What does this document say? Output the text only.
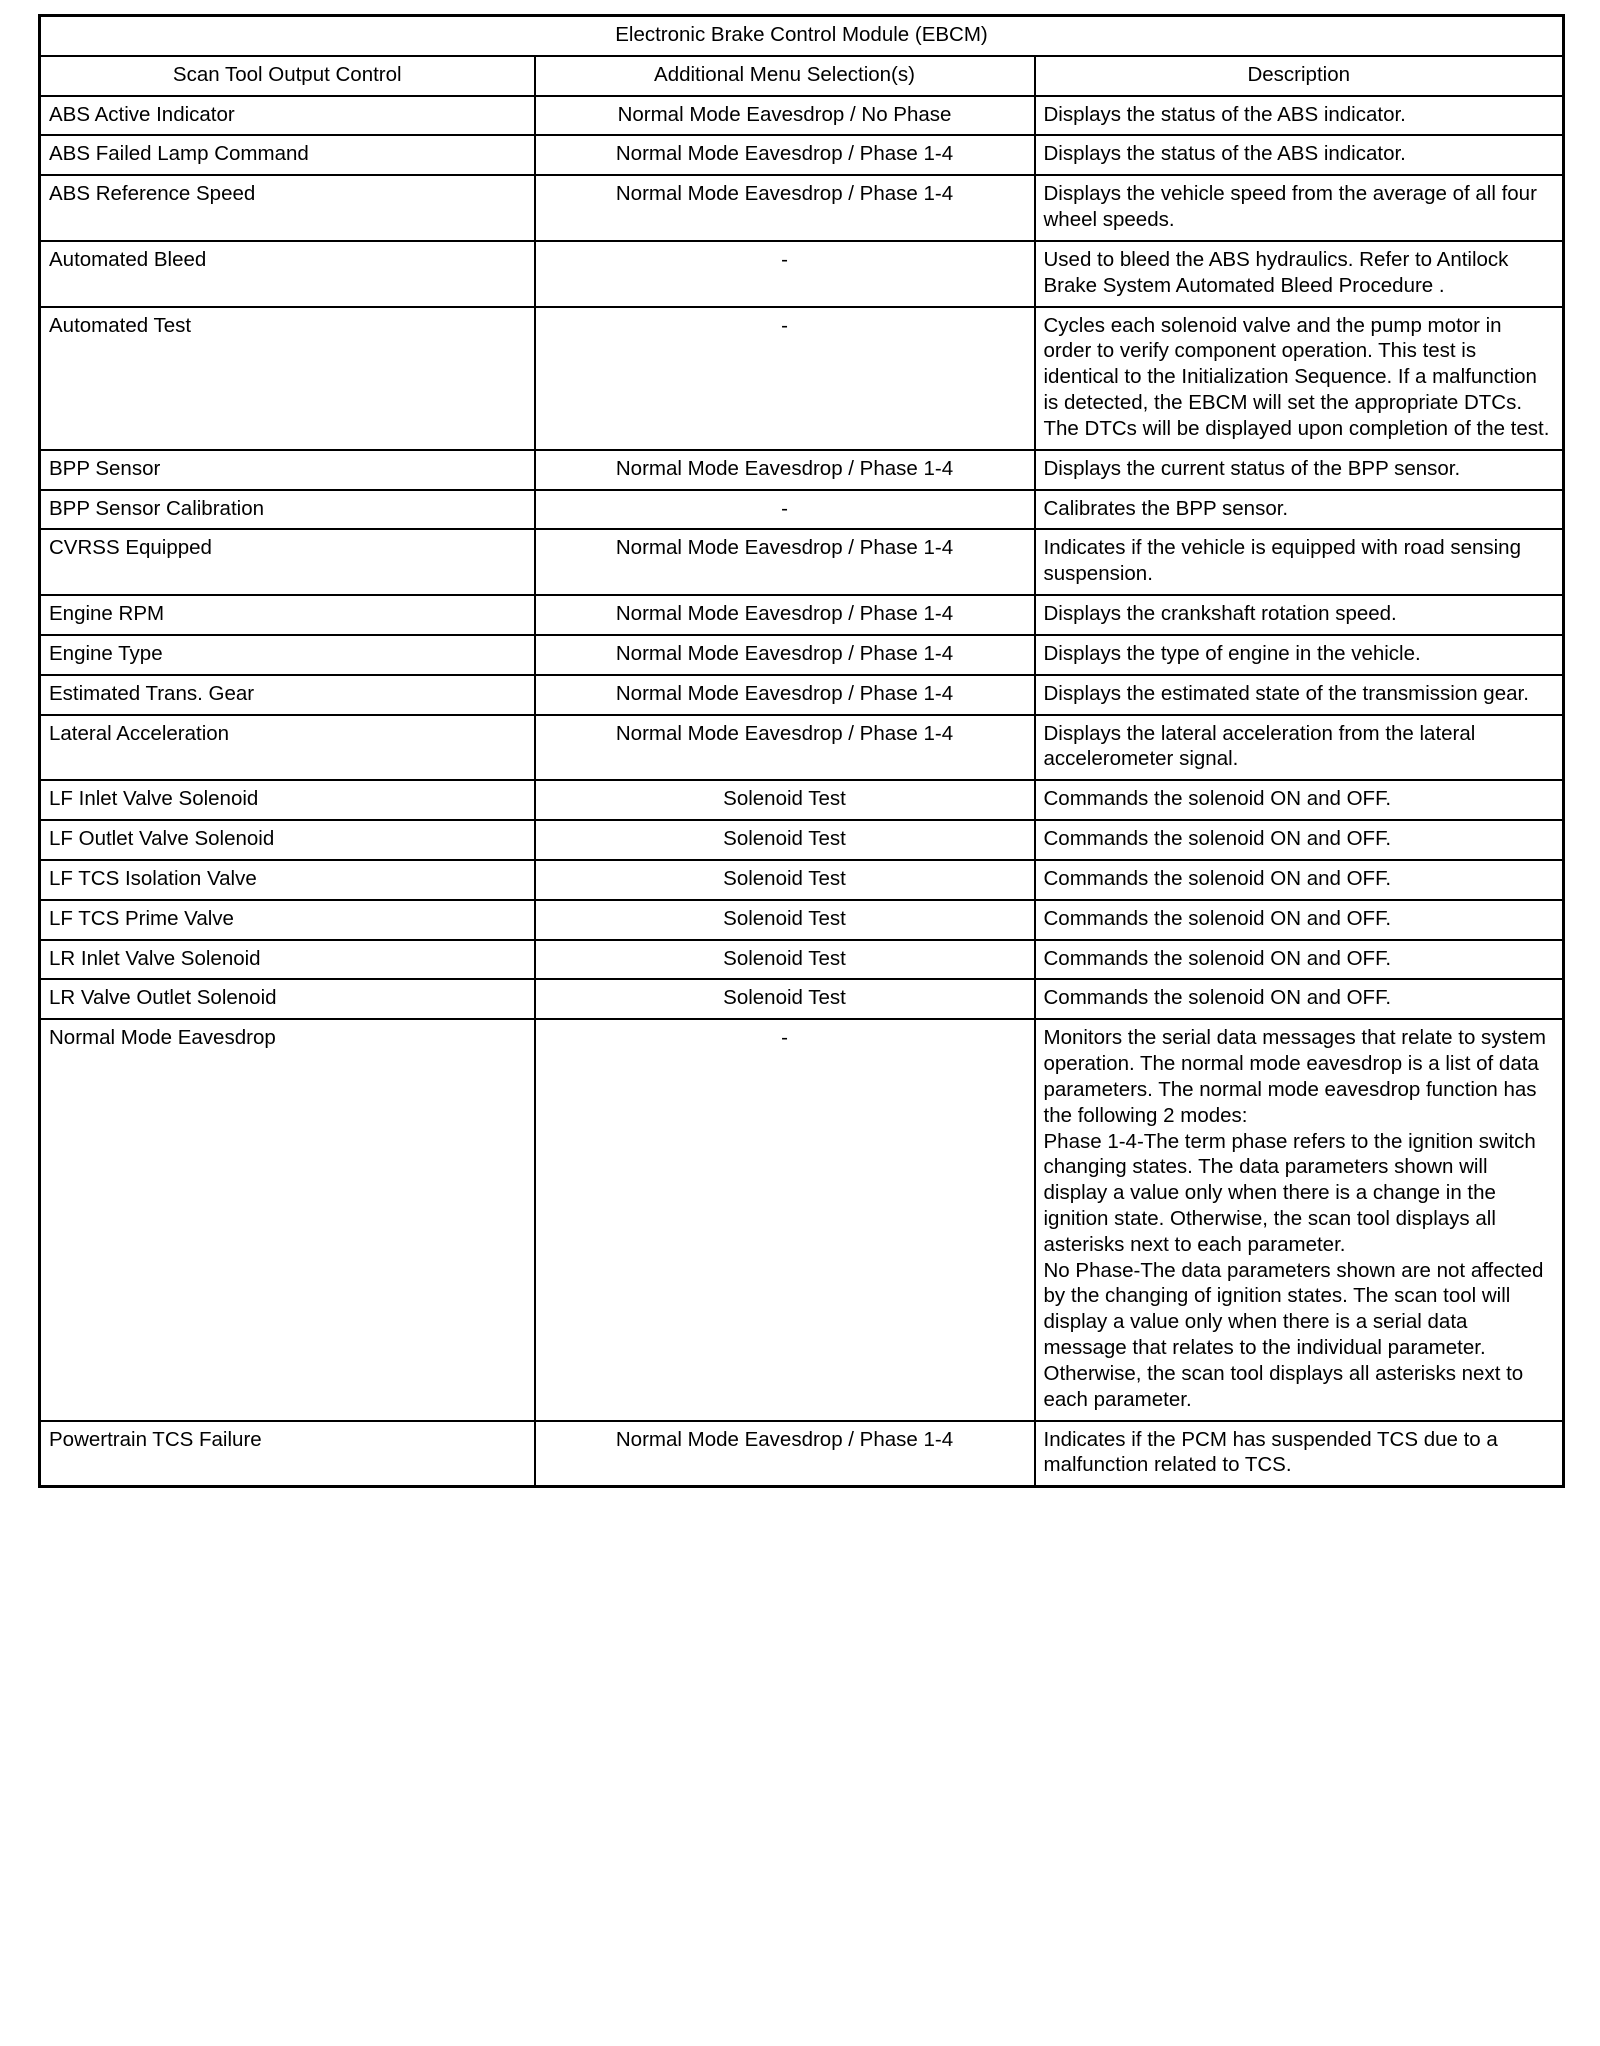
Electronic Brake Control Module (EBCM)		
Scan Tool Output Control	Additional Menu Selection(s)	Description
ABS Active Indicator	Normal Mode Eavesdrop / No Phase	Displays the status of the ABS indicator.
ABS Failed Lamp Command	Normal Mode Eavesdrop / Phase 1-4	Displays the status of the ABS indicator.
ABS Reference Speed	Normal Mode Eavesdrop / Phase 1-4	Displays the vehicle speed from the average of all four wheel speeds.
Automated Bleed	-	Used to bleed the ABS hydraulics. Refer to Antilock Brake System Automated Bleed Procedure .
Automated Test	-	Cycles each solenoid valve and the pump motor in order to verify component operation. This test is identical to the Initialization Sequence. If a malfunction is detected, the EBCM will set the appropriate DTCs. The DTCs will be displayed upon completion of the test.
BPP Sensor	Normal Mode Eavesdrop / Phase 1-4	Displays the current status of the BPP sensor.
BPP Sensor Calibration	-	Calibrates the BPP sensor.
CVRSS Equipped	Normal Mode Eavesdrop / Phase 1-4	Indicates if the vehicle is equipped with road sensing suspension.
Engine RPM	Normal Mode Eavesdrop / Phase 1-4	Displays the crankshaft rotation speed.
Engine Type	Normal Mode Eavesdrop / Phase 1-4	Displays the type of engine in the vehicle.
Estimated Trans. Gear	Normal Mode Eavesdrop / Phase 1-4	Displays the estimated state of the transmission gear.
Lateral Acceleration	Normal Mode Eavesdrop / Phase 1-4	Displays the lateral acceleration from the lateral accelerometer signal.
LF Inlet Valve Solenoid	Solenoid Test	Commands the solenoid ON and OFF.
LF Outlet Valve Solenoid	Solenoid Test	Commands the solenoid ON and OFF.
LF TCS Isolation Valve	Solenoid Test	Commands the solenoid ON and OFF.
LF TCS Prime Valve	Solenoid Test	Commands the solenoid ON and OFF.
LR Inlet Valve Solenoid	Solenoid Test	Commands the solenoid ON and OFF.
LR Valve Outlet Solenoid	Solenoid Test	Commands the solenoid ON and OFF.
Normal Mode Eavesdrop	-	Monitors the serial data messages that relate to system operation. The normal mode eavesdrop is a list of data parameters. The normal mode eavesdrop function has the following 2 modes:

Phase 1-4-The term phase refers to the ignition switch changing states. The data parameters shown will display a value only when there is a change in the ignition state. Otherwise, the scan tool displays all asterisks next to each parameter.

No Phase-The data parameters shown are not affected by the changing of ignition states. The scan tool will display a value only when there is a serial data message that relates to the individual parameter. Otherwise, the scan tool displays all asterisks next to each parameter.

Powertrain TCS Failure	Normal Mode Eavesdrop / Phase 1-4	Indicates if the PCM has suspended TCS due to a malfunction related to TCS.
